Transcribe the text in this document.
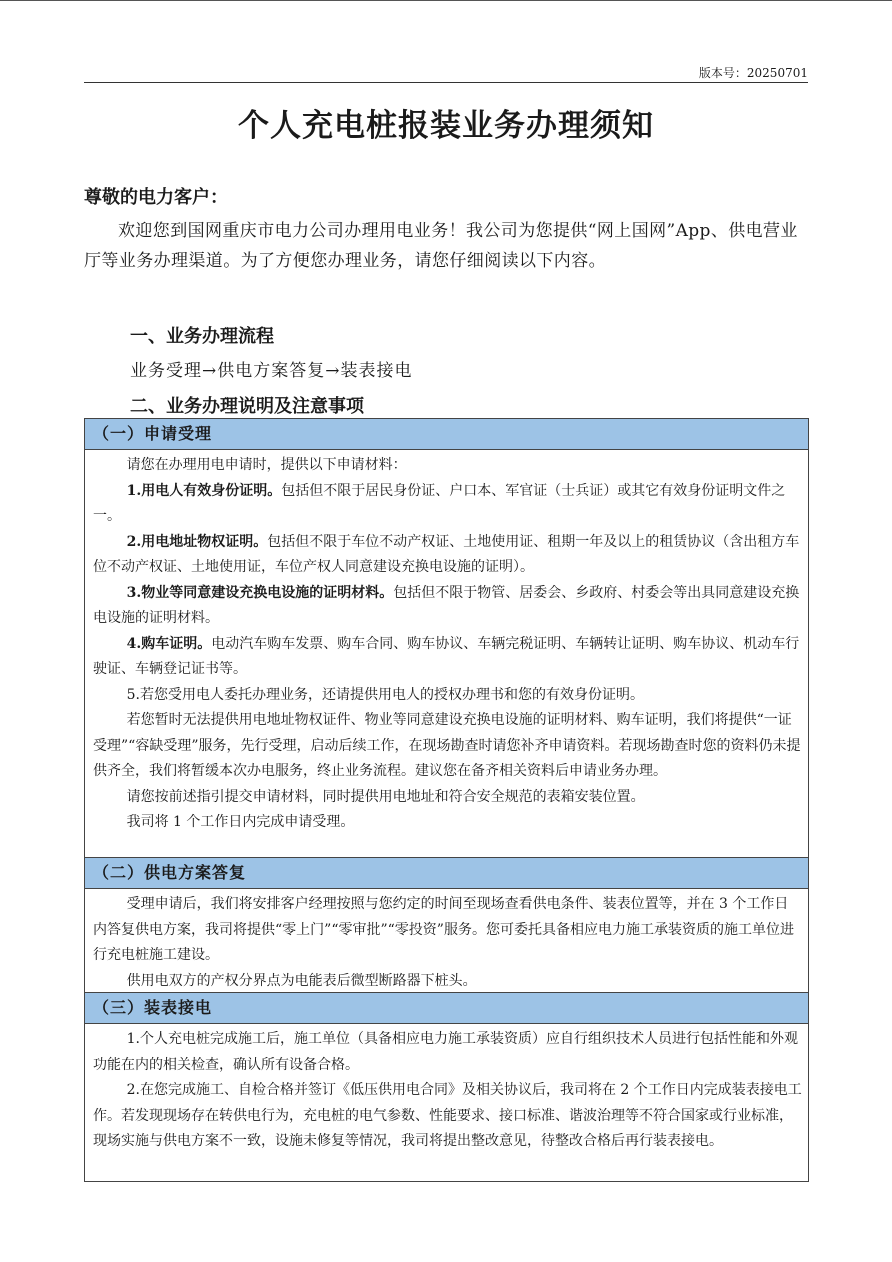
版本号：20250701
个人充电桩报装业务办理须知
尊敬的电力客户：
欢迎您到国网重庆市电力公司办理用电业务！我公司为您提供“网上国网”App、供电营业厅等业务办理渠道。为了方便您办理业务，请您仔细阅读以下内容。
一、业务办理流程
业务受理→供电方案答复→装表接电
二、业务办理说明及注意事项
（一）申请受理

请您在办理用电申请时，提供以下申请材料：

1.用电人有效身份证明。包括但不限于居民身份证、户口本、军官证（士兵证）或其它有效身份证明文件之一。

2.用电地址物权证明。包括但不限于车位不动产权证、土地使用证、租期一年及以上的租赁协议（含出租方车位不动产权证、土地使用证，车位产权人同意建设充换电设施的证明）。

3.物业等同意建设充换电设施的证明材料。包括但不限于物管、居委会、乡政府、村委会等出具同意建设充换电设施的证明材料。

4.购车证明。电动汽车购车发票、购车合同、购车协议、车辆完税证明、车辆转让证明、购车协议、机动车行驶证、车辆登记证书等。

5.若您受用电人委托办理业务，还请提供用电人的授权办理书和您的有效身份证明。

若您暂时无法提供用电地址物权证件、物业等同意建设充换电设施的证明材料、购车证明，我们将提供“一证受理”“容缺受理”服务，先行受理，启动后续工作，在现场勘查时请您补齐申请资料。若现场勘查时您的资料仍未提供齐全，我们将暂缓本次办电服务，终止业务流程。建议您在备齐相关资料后申请业务办理。

请您按前述指引提交申请材料，同时提供用电地址和符合安全规范的表箱安装位置。

我司将 1 个工作日内完成申请受理。

（二）供电方案答复

受理申请后，我们将安排客户经理按照与您约定的时间至现场查看供电条件、装表位置等，并在 3 个工作日内答复供电方案，我司将提供“零上门”“零审批”“零投资”服务。您可委托具备相应电力施工承装资质的施工单位进行充电桩施工建设。

供用电双方的产权分界点为电能表后微型断路器下桩头。

（三）装表接电

1.个人充电桩完成施工后，施工单位（具备相应电力施工承装资质）应自行组织技术人员进行包括性能和外观功能在内的相关检查，确认所有设备合格。

2.在您完成施工、自检合格并签订《低压供用电合同》及相关协议后，我司将在 2 个工作日内完成装表接电工作。若发现现场存在转供电行为，充电桩的电气参数、性能要求、接口标准、谐波治理等不符合国家或行业标准，现场实施与供电方案不一致，设施未修复等情况，我司将提出整改意见，待整改合格后再行装表接电。
